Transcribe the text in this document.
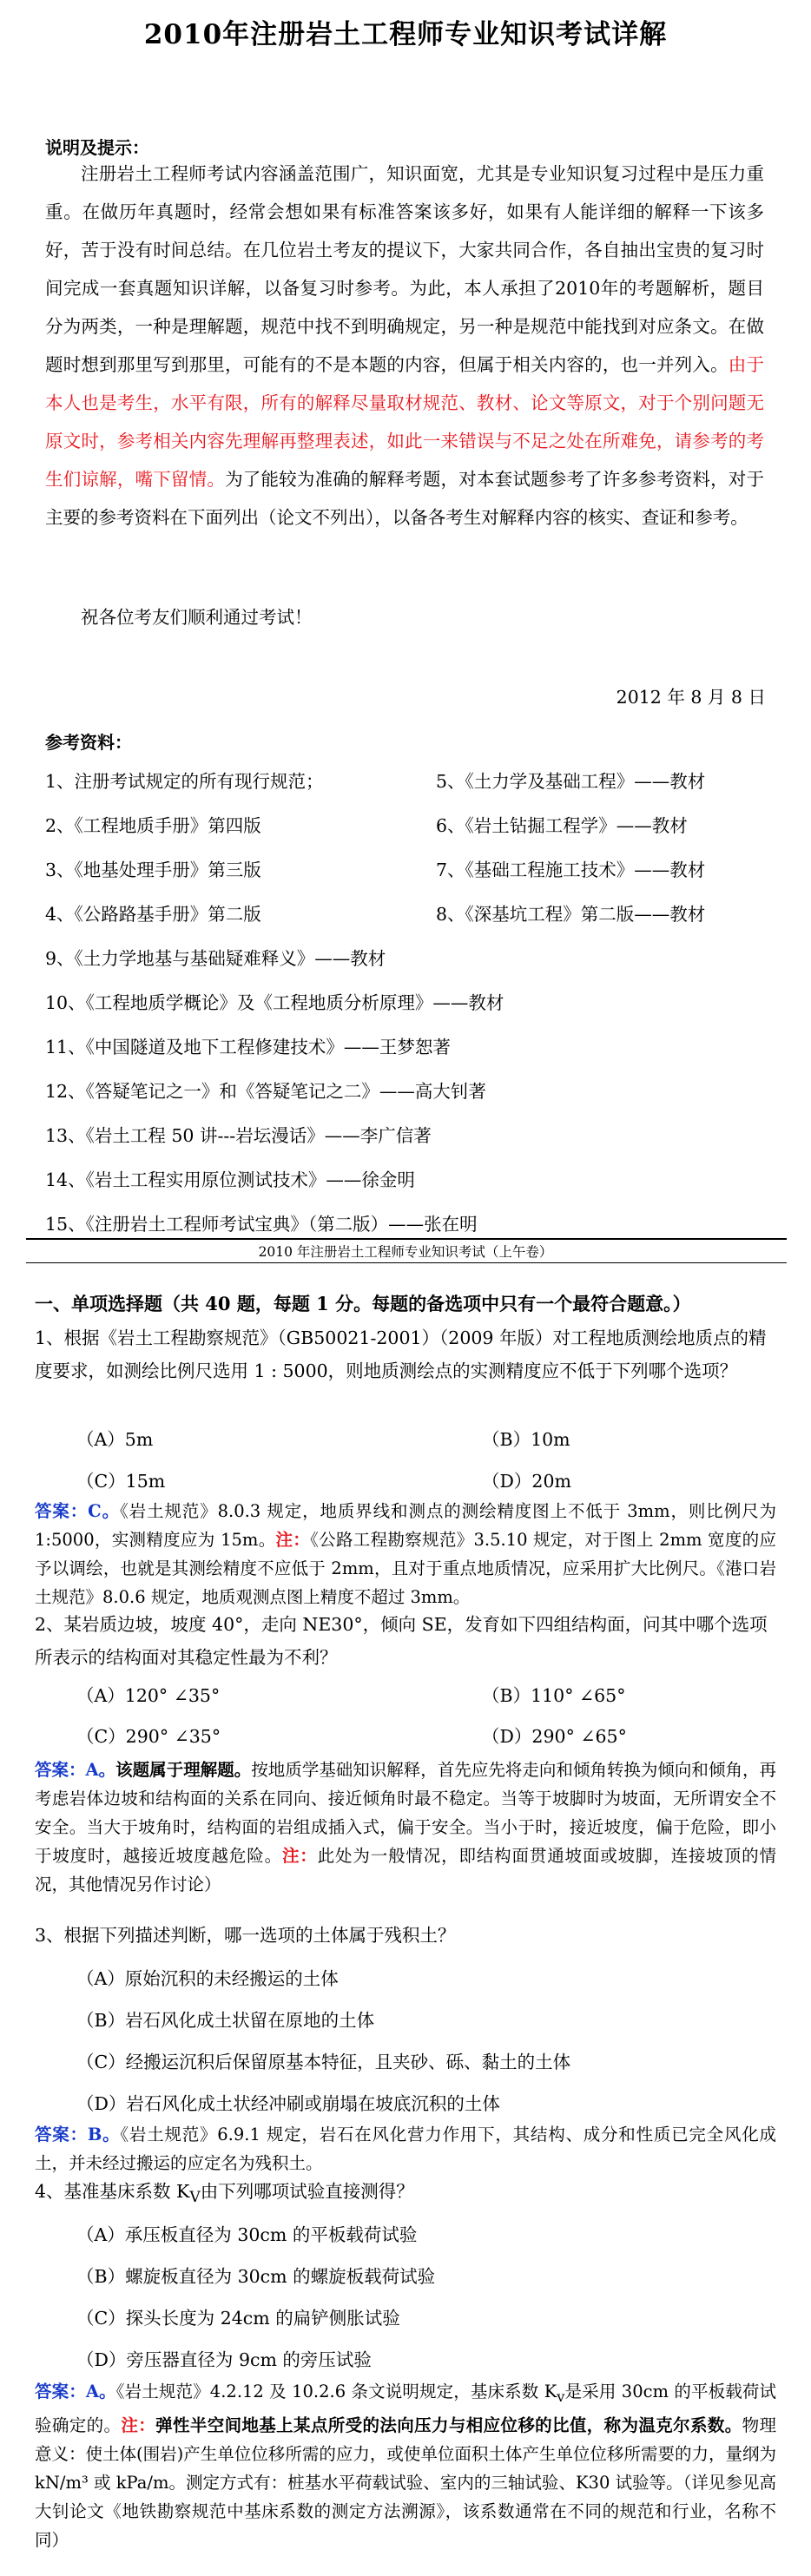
2010年注册岩土工程师专业知识考试详解
说明及提示：
注册岩土工程师考试内容涵盖范围广，知识面宽，尤其是专业知识复习过程中是压力重重。在做历年真题时，经常会想如果有标准答案该多好，如果有人能详细的解释一下该多好，苦于没有时间总结。在几位岩土考友的提议下，大家共同合作，各自抽出宝贵的复习时间完成一套真题知识详解，以备复习时参考。为此，本人承担了2010年的考题解析，题目分为两类，一种是理解题，规范中找不到明确规定，另一种是规范中能找到对应条文。在做题时想到那里写到那里，可能有的不是本题的内容，但属于相关内容的，也一并列入。由于本人也是考生，水平有限，所有的解释尽量取材规范、教材、论文等原文，对于个别问题无原文时，参考相关内容先理解再整理表述，如此一来错误与不足之处在所难免，请参考的考生们谅解，嘴下留情。为了能较为准确的解释考题，对本套试题参考了许多参考资料，对于主要的参考资料在下面列出（论文不列出），以备各考生对解释内容的核实、查证和参考。
祝各位考友们顺利通过考试！
2012 年 8 月 8 日
参考资料：
1、注册考试规定的所有现行规范；
2、《工程地质手册》第四版
3、《地基处理手册》第三版
4、《公路路基手册》第二版
5、《土力学及基础工程》——教材
6、《岩土钻掘工程学》——教材
7、《基础工程施工技术》——教材
8、《深基坑工程》第二版——教材
9、《土力学地基与基础疑难释义》——教材
10、《工程地质学概论》及《工程地质分析原理》——教材
11、《中国隧道及地下工程修建技术》——王梦恕著
12、《答疑笔记之一》和《答疑笔记之二》——高大钊著
13、《岩土工程 50 讲---岩坛漫话》——李广信著
14、《岩土工程实用原位测试技术》——徐金明
15、《注册岩土工程师考试宝典》（第二版）——张在明
2010 年注册岩土工程师专业知识考试（上午卷）
一、单项选择题（共 40 题，每题 1 分。每题的备选项中只有一个最符合题意。）
1、根据《岩土工程勘察规范》（GB50021-2001）（2009 年版）对工程地质测绘地质点的精度要求，如测绘比例尺选用 1 : 5000，则地质测绘点的实测精度应不低于下列哪个选项？
（A）5m	（B）10m
（C）15m	（D）20m
答案：C。《岩土规范》8.0.3 规定，地质界线和测点的测绘精度图上不低于 3mm，则比例尺为 1:5000，实测精度应为 15m。注：《公路工程勘察规范》3.5.10 规定，对于图上 2mm 宽度的应予以调绘，也就是其测绘精度不应低于 2mm，且对于重点地质情况，应采用扩大比例尺。《港口岩土规范》8.0.6 规定，地质观测点图上精度不超过 3mm。
2、某岩质边坡，坡度 40°，走向 NE30°，倾向 SE，发育如下四组结构面，问其中哪个选项所表示的结构面对其稳定性最为不利？
（A）120° ∠35°	（B）110° ∠65°
（C）290° ∠35°	（D）290° ∠65°
答案：A。该题属于理解题。按地质学基础知识解释，首先应先将走向和倾角转换为倾向和倾角，再考虑岩体边坡和结构面的关系在同向、接近倾角时最不稳定。当等于坡脚时为坡面，无所谓安全不安全。当大于坡角时，结构面的岩组成插入式，偏于安全。当小于时，接近坡度，偏于危险，即小于坡度时，越接近坡度越危险。注：此处为一般情况，即结构面贯通坡面或坡脚，连接坡顶的情况，其他情况另作讨论）
3、根据下列描述判断，哪一选项的土体属于残积土？
（A）原始沉积的未经搬运的土体
（B）岩石风化成土状留在原地的土体
（C）经搬运沉积后保留原基本特征，且夹砂、砾、黏土的土体
（D）岩石风化成土状经冲刷或崩塌在坡底沉积的土体
答案：B。《岩土规范》6.9.1 规定，岩石在风化营力作用下，其结构、成分和性质已完全风化成土，并未经过搬运的应定名为残积土。
4、基准基床系数 $K_V$由下列哪项试验直接测得？
（A）承压板直径为 30cm 的平板载荷试验
（B）螺旋板直径为 30cm 的螺旋板载荷试验
（C）探头长度为 24cm 的扁铲侧胀试验
（D）旁压器直径为 9cm 的旁压试验
答案：A。《岩土规范》4.2.12 及 10.2.6 条文说明规定，基床系数 $K_v$是采用 30cm 的平板载荷试验确定的。注：弹性半空间地基上某点所受的法向压力与相应位移的比值，称为温克尔系数。物理意义：使土体(围岩)产生单位位移所需的应力，或使单位面积土体产生单位位移所需要的力，量纲为 kN/m³ 或 kPa/m。测定方式有：桩基水平荷载试验、室内的三轴试验、K30 试验等。（详见参见高大钊论文《地铁勘察规范中基床系数的测定方法溯源》，该系数通常在不同的规范和行业，名称不同）
